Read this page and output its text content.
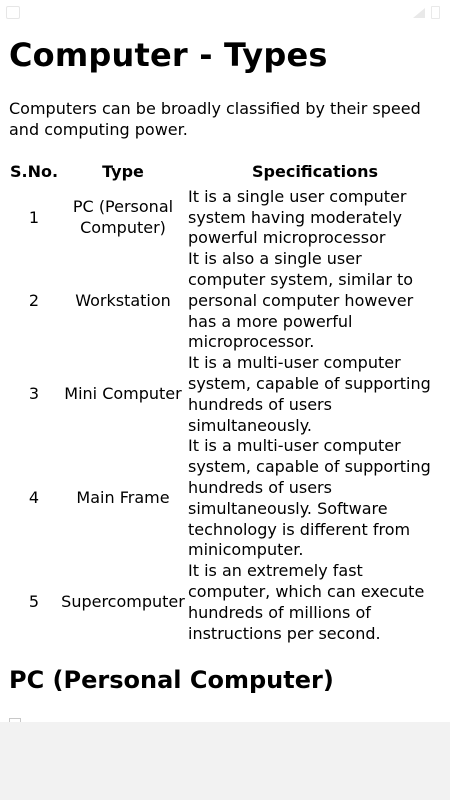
Computer - Types

Computers can be broadly classified by their speed and computing power.

S.No.	Type	Specifications
1	PC (Personal Computer)	It is a single user computer system having moderately powerful microprocessor
2	Workstation	It is also a single user computer system, similar to personal computer however has a more powerful microprocessor.
3	Mini Computer	It is a multi-user computer system, capable of supporting hundreds of users simultaneously.
4	Main Frame	It is a multi-user computer system, capable of supporting hundreds of users simultaneously. Software technology is different from minicomputer.
5	Supercomputer	It is an extremely fast computer, which can execute hundreds of millions of instructions per second.
PC (Personal Computer)
